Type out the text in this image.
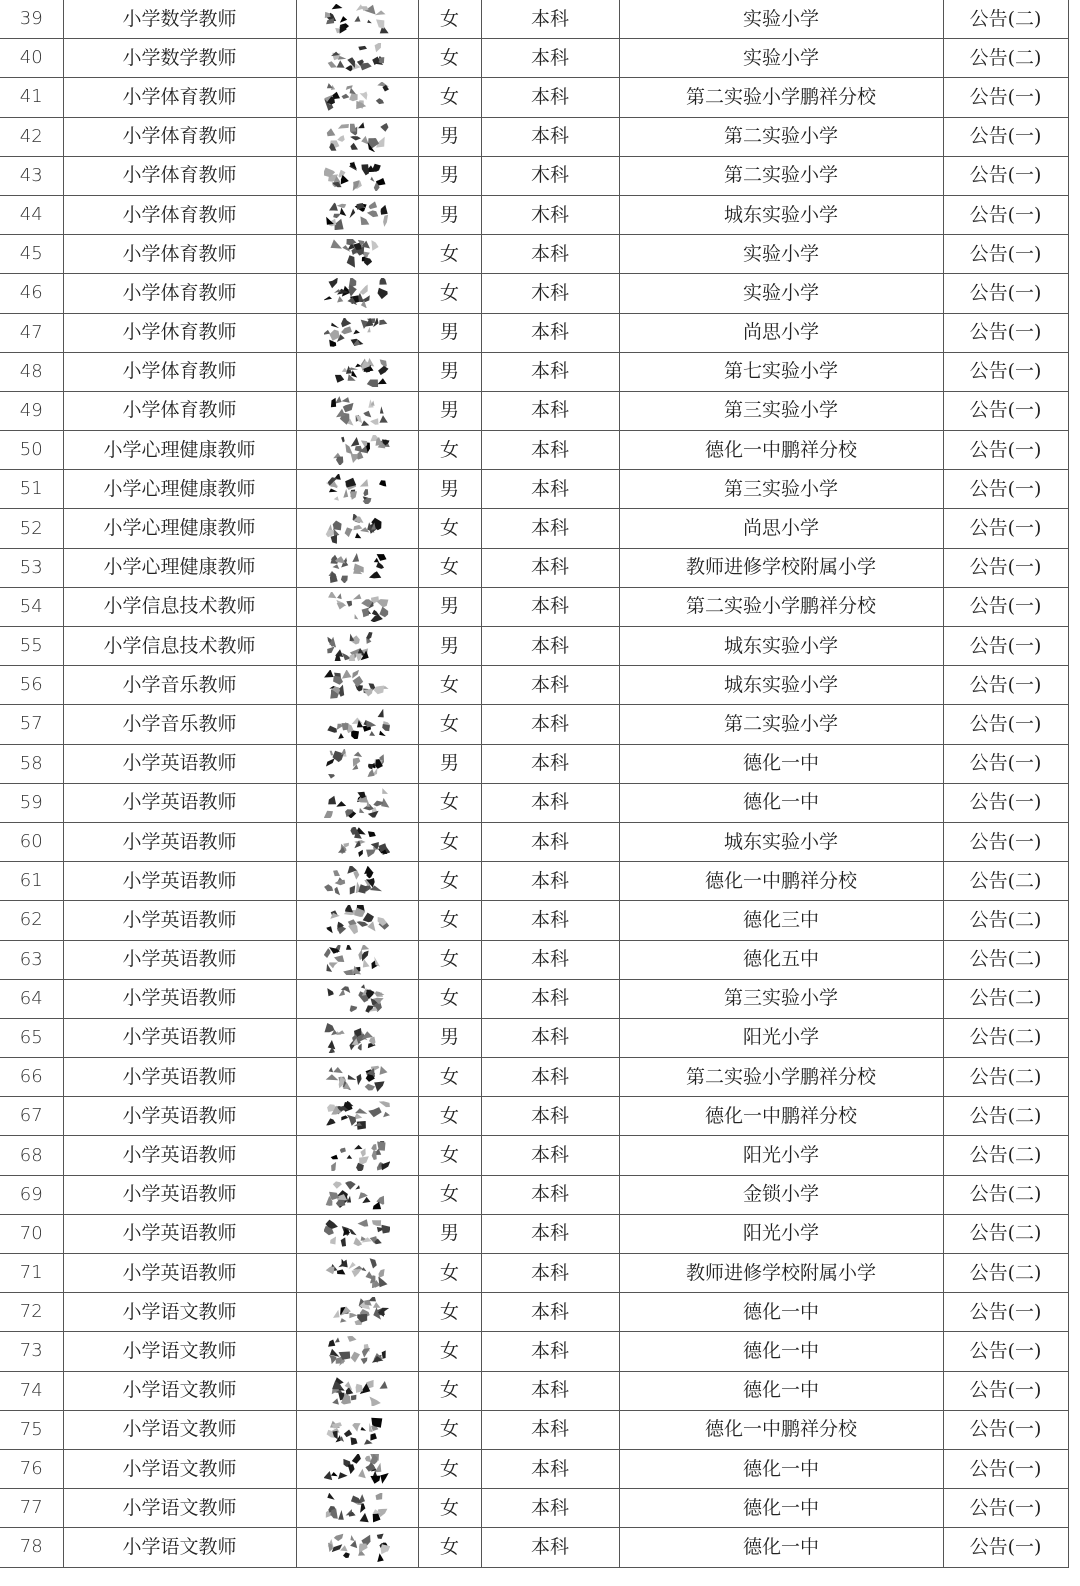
39	小学数学教师		女	本科	实验小学	公告(二)
40	小学数学教师		女	本科	实验小学	公告(二)
41	小学体育教师		女	本科	第二实验小学鹏祥分校	公告(一)
42	小学体育教师		男	本科	第二实验小学	公告(一)
43	小学体育教师		男	木科	第二实验小学	公告(一)
44	小学体育教师		男	木科	城东实验小学	公告(一)
45	小学体育教师		女	本科	实验小学	公告(一)
46	小学体育教师		女	木科	实验小学	公告(一)
47	小学休育教师		男	本科	尚思小学	公告(一)
48	小学体育教师		男	本科	第七实验小学	公告(一)
49	小学体育教师		男	本科	第三实验小学	公告(一)
50	小学心理健康教师		女	本科	德化一中鹏祥分校	公告(一)
51	小学心理健康教师		男	本科	第三实验小学	公告(一)
52	小学心理健康教师		女	本科	尚思小学	公告(一)
53	小学心理健康教师		女	本科	教师进修学校附属小学	公告(一)
54	小学信息技术教师		男	本科	第二实验小学鹏祥分校	公告(一)
55	小学信息技术教师		男	本科	城东实验小学	公告(一)
56	小学音乐教师		女	本科	城东实验小学	公告(一)
57	小学音乐教师		女	本科	第二实验小学	公告(一)
58	小学英语教师		男	本科	德化一中	公告(一)
59	小学英语教师		女	本科	德化一中	公告(一)
60	小学英语教师		女	本科	城东实验小学	公告(一)
61	小学英语教师		女	本科	德化一中鹏祥分校	公告(二)
62	小学英语教师		女	本科	德化三中	公告(二)
63	小学英语教师		女	本科	德化五中	公告(二)
64	小学英语教师		女	本科	第三实验小学	公告(二)
65	小学英语教师		男	本科	阳光小学	公告(二)
66	小学英语教师		女	本科	第二实验小学鹏祥分校	公告(二)
67	小学英语教师		女	本科	德化一中鹏祥分校	公告(二)
68	小学英语教师		女	本科	阳光小学	公告(二)
69	小学英语教师		女	本科	金锁小学	公告(二)
70	小学英语教师		男	本科	阳光小学	公告(二)
71	小学英语教师		女	本科	教师进修学校附属小学	公告(二)
72	小学语文教师		女	本科	德化一中	公告(一)
73	小学语文教师		女	本科	德化一中	公告(一)
74	小学语文教师		女	本科	德化一中	公告(一)
75	小学语文教师		女	本科	德化一中鹏祥分校	公告(一)
76	小学语文教师		女	本科	德化一中	公告(一)
77	小学语文教师		女	本科	德化一中	公告(一)
78	小学语文教师		女	本科	德化一中	公告(一)
